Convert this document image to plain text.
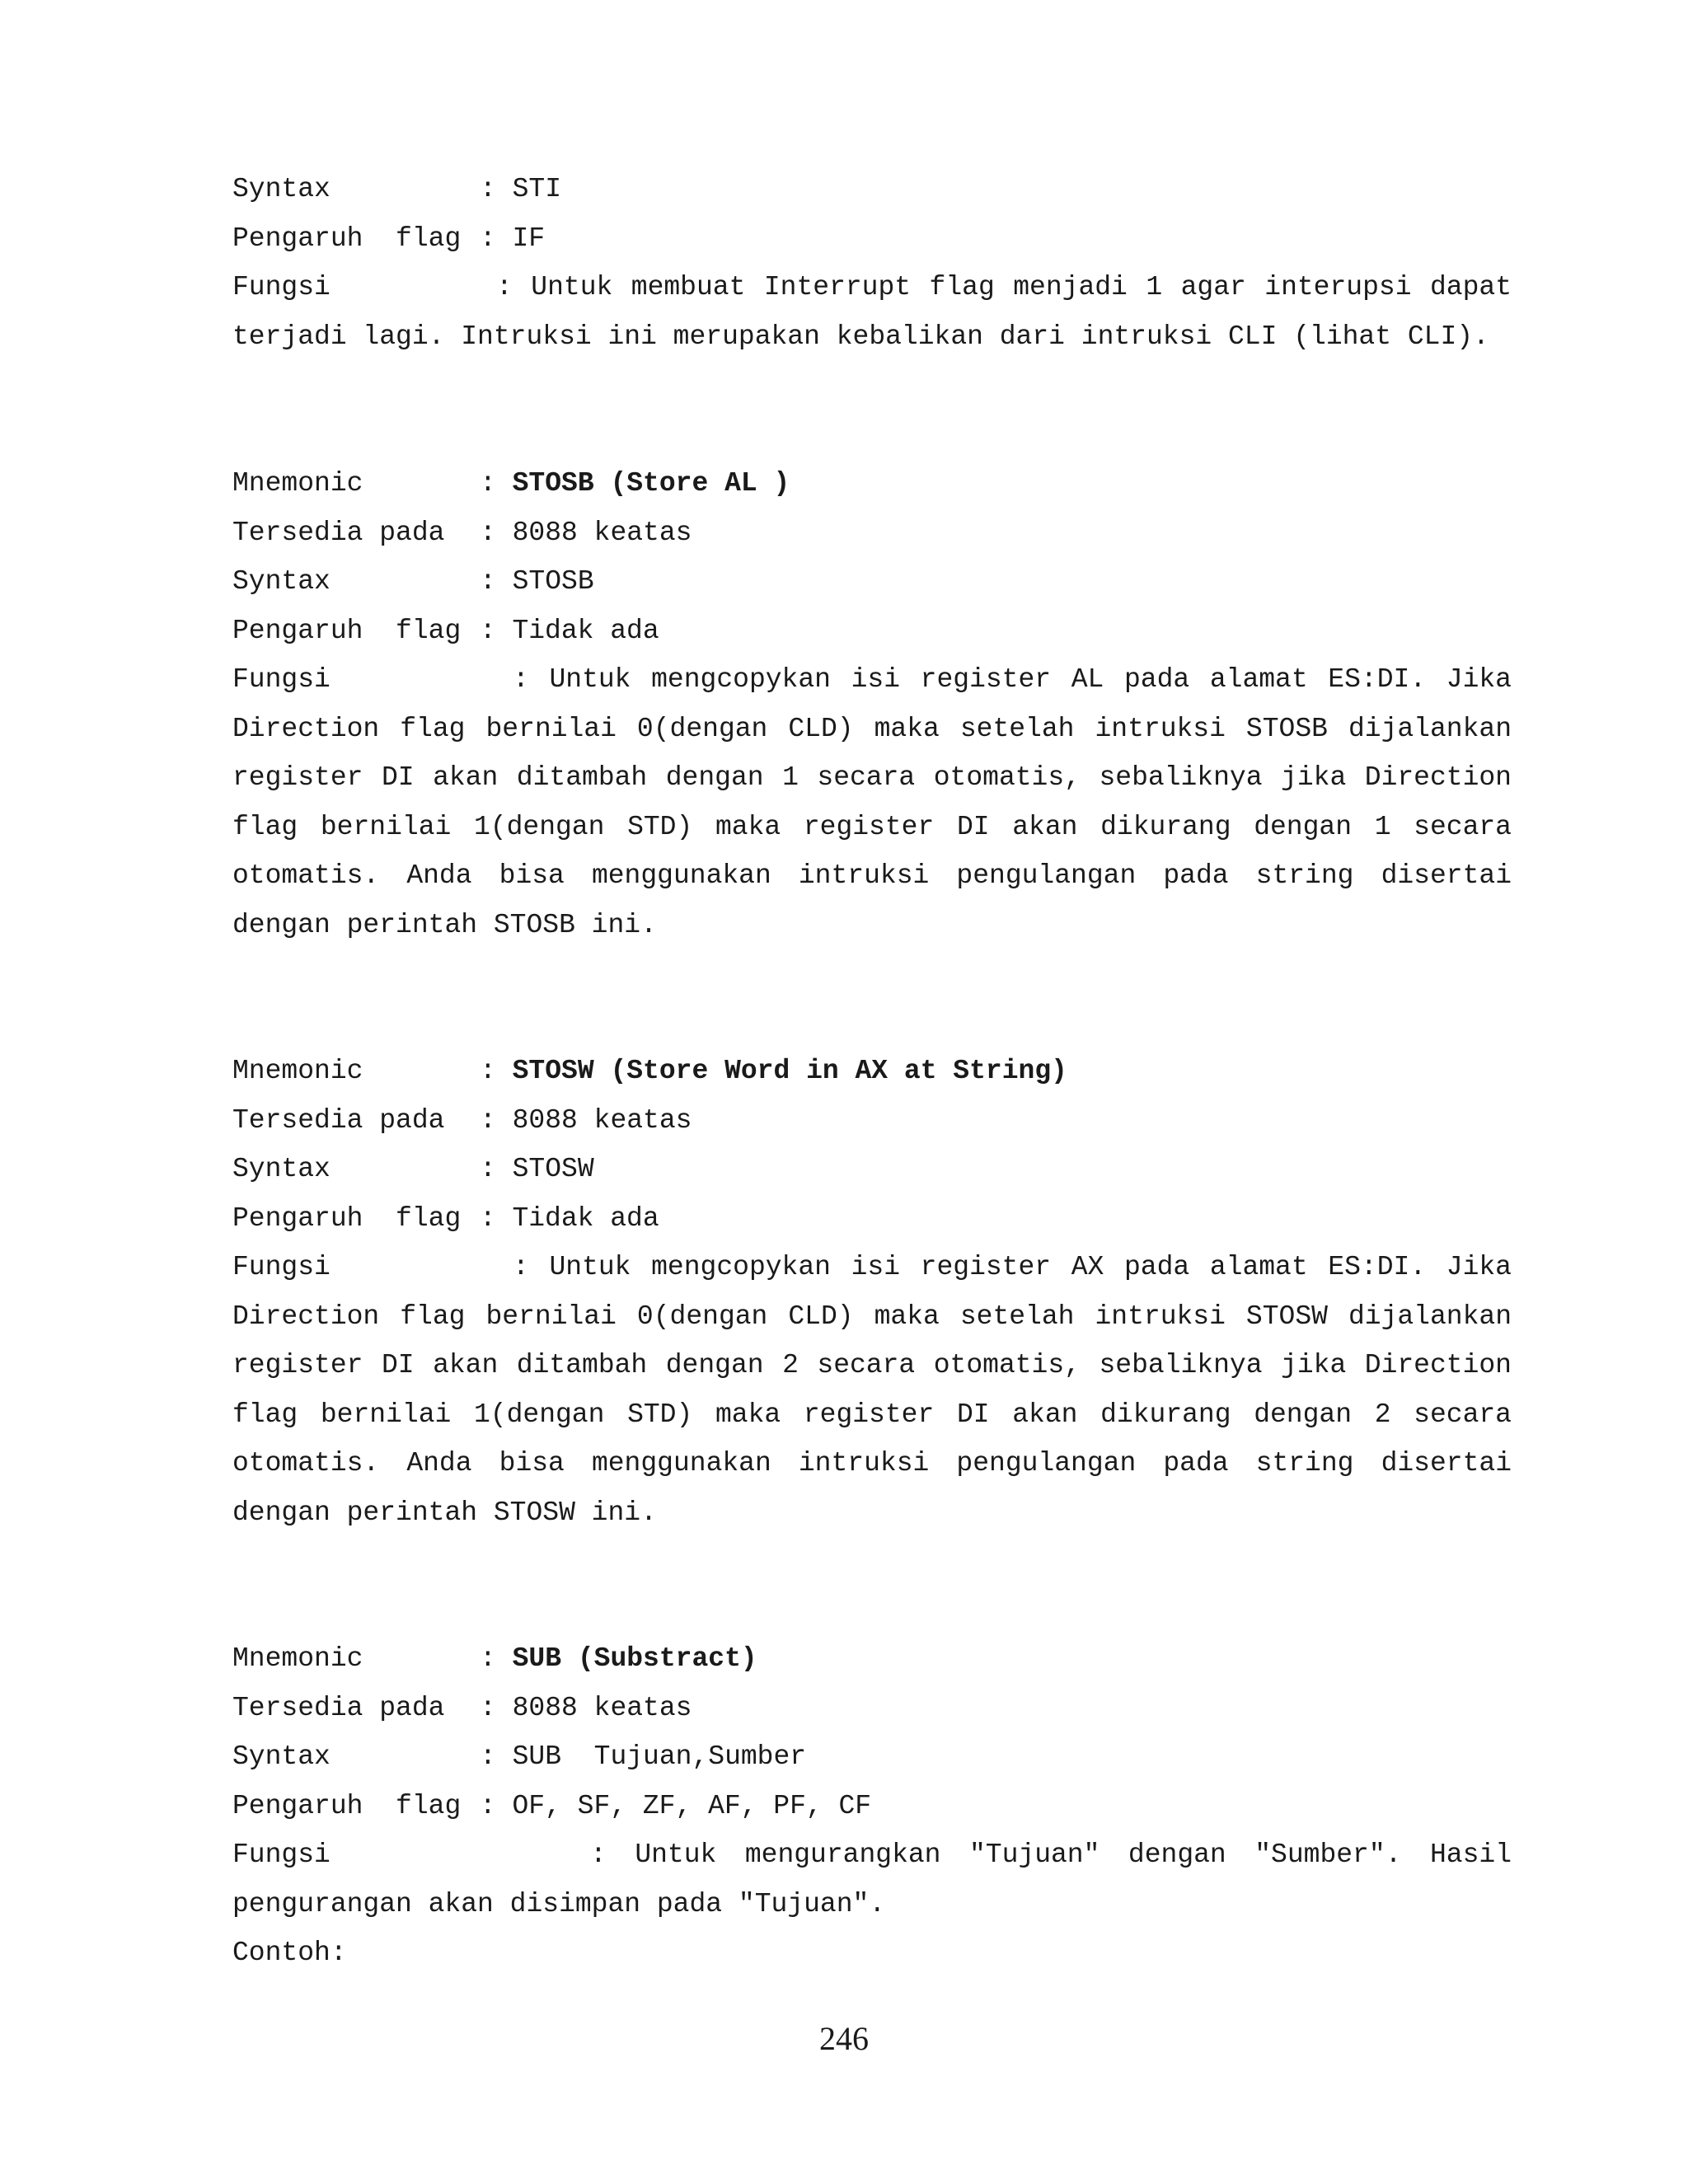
Syntax	: STI
Pengaruh  flag : IF
Fungsi	: Untuk membuat Interrupt flag menjadi 1 agar interupsi dapat
terjadi lagi. Intruksi ini merupakan kebalikan dari intruksi CLI (lihat CLI).
Mnemonic	: STOSB (Store AL )
Tersedia pada : 8088 keatas
Syntax	: STOSB
Pengaruh  flag : Tidak ada
Fungsi	: Untuk mengcopykan isi register AL pada alamat ES:DI. Jika
Direction flag bernilai 0(dengan CLD) maka setelah intruksi STOSB dijalankan
register DI akan ditambah dengan 1 secara otomatis, sebaliknya jika Direction
flag bernilai 1(dengan STD) maka register DI akan dikurang dengan 1 secara
otomatis. Anda bisa menggunakan intruksi pengulangan pada string disertai
dengan perintah STOSB ini.
Mnemonic	: STOSW (Store Word in AX at String)
Tersedia pada : 8088 keatas
Syntax	: STOSW
Pengaruh  flag : Tidak ada
Fungsi	: Untuk mengcopykan isi register AX pada alamat ES:DI. Jika
Direction flag bernilai 0(dengan CLD) maka setelah intruksi STOSW dijalankan
register DI akan ditambah dengan 2 secara otomatis, sebaliknya jika Direction
flag bernilai 1(dengan STD) maka register DI akan dikurang dengan 2 secara
otomatis. Anda bisa menggunakan intruksi pengulangan pada string disertai
dengan perintah STOSW ini.
Mnemonic	: SUB (Substract)
Tersedia pada : 8088 keatas
Syntax	: SUB  Tujuan,Sumber
Pengaruh  flag : OF, SF, ZF, AF, PF, CF
Fungsi	: Untuk mengurangkan "Tujuan" dengan "Sumber". Hasil
pengurangan akan disimpan pada "Tujuan".
Contoh:
246
